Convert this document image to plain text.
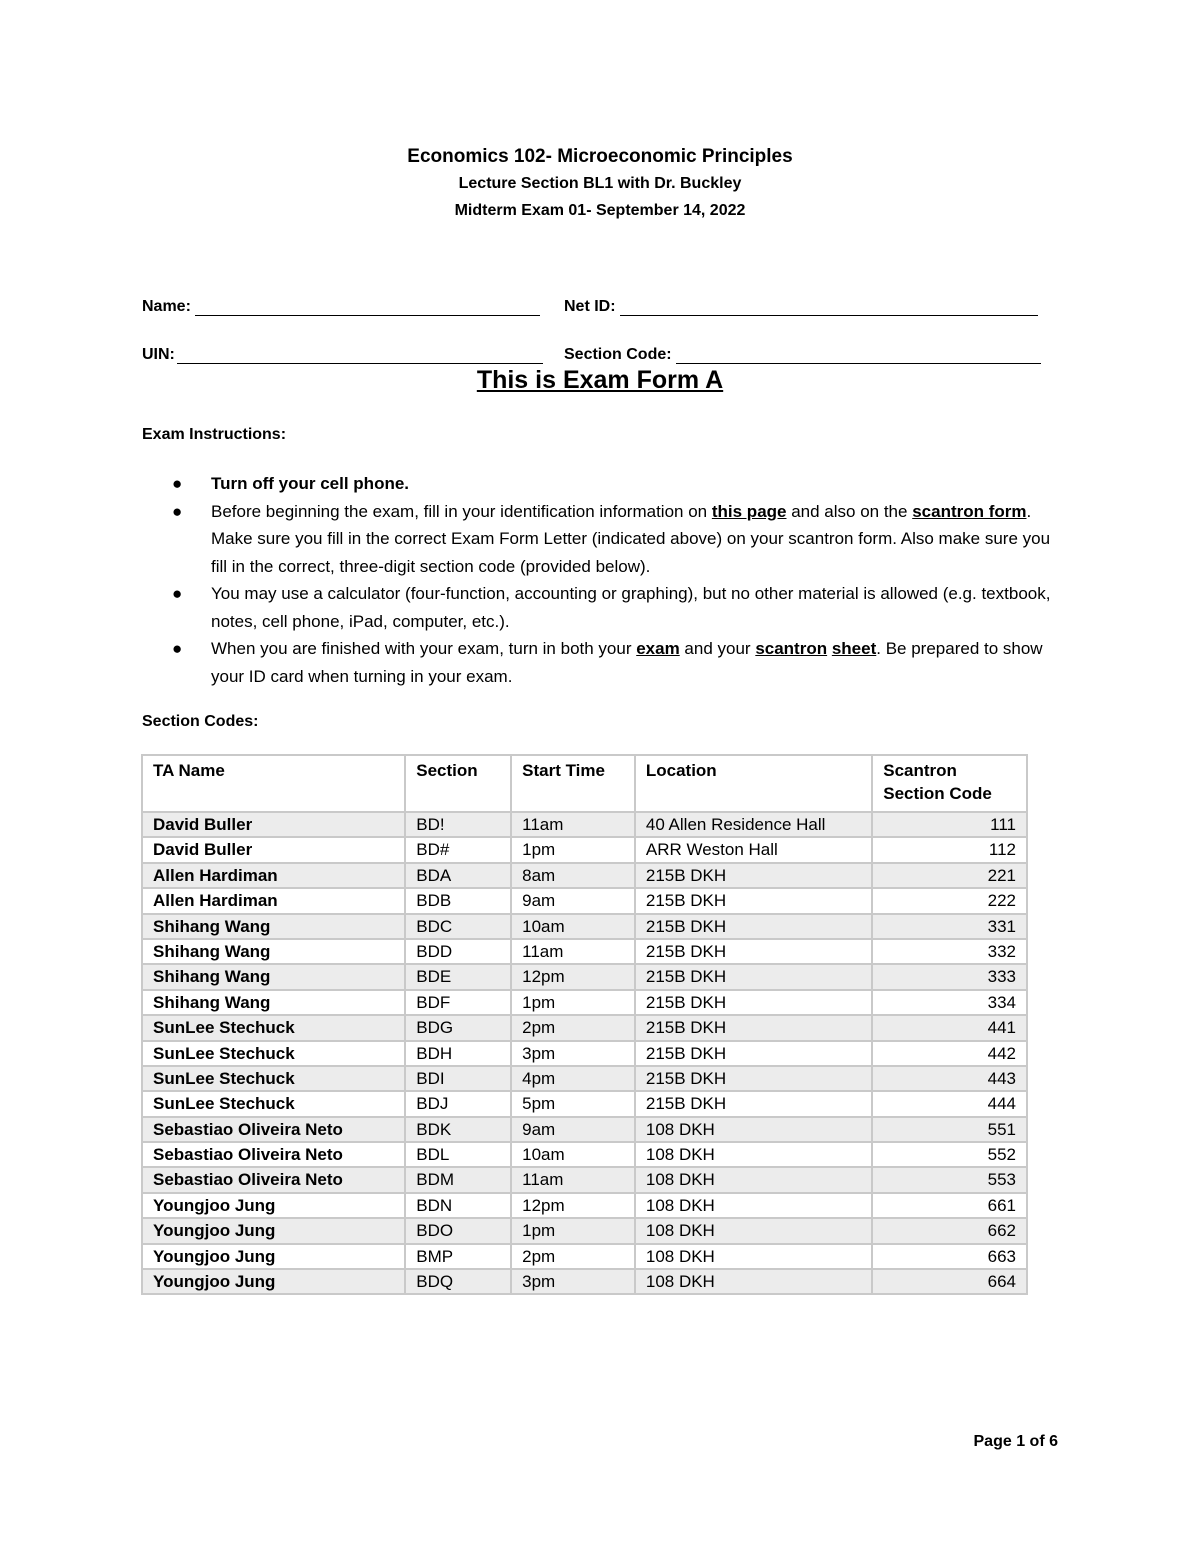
Economics 102- Microeconomic Principles
Lecture Section BL1 with Dr. Buckley
Midterm Exam 01- September 14, 2022
Name:	Net ID:
UIN:	Section Code:
This is Exam Form A
Exam Instructions:
● Turn off your cell phone.
● Before beginning the exam, fill in your identification information on this page and also on the scantron form. Make sure you fill in the correct Exam Form Letter (indicated above) on your scantron form. Also make sure you fill in the correct, three-digit section code (provided below).
● You may use a calculator (four-function, accounting or graphing), but no other material is allowed (e.g. textbook, notes, cell phone, iPad, computer, etc.).
● When you are finished with your exam, turn in both your exam and your scantron sheet. Be prepared to show your ID card when turning in your exam.
Section Codes:
TA Name	Section	Start Time	Location	Scantron Section Code
David Buller	BD!	11am	40 Allen Residence Hall	111
David Buller	BD#	1pm	ARR Weston Hall	112
Allen Hardiman	BDA	8am	215B DKH	221
Allen Hardiman	BDB	9am	215B DKH	222
Shihang Wang	BDC	10am	215B DKH	331
Shihang Wang	BDD	11am	215B DKH	332
Shihang Wang	BDE	12pm	215B DKH	333
Shihang Wang	BDF	1pm	215B DKH	334
SunLee Stechuck	BDG	2pm	215B DKH	441
SunLee Stechuck	BDH	3pm	215B DKH	442
SunLee Stechuck	BDI	4pm	215B DKH	443
SunLee Stechuck	BDJ	5pm	215B DKH	444
Sebastiao Oliveira Neto	BDK	9am	108 DKH	551
Sebastiao Oliveira Neto	BDL	10am	108 DKH	552
Sebastiao Oliveira Neto	BDM	11am	108 DKH	553
Youngjoo Jung	BDN	12pm	108 DKH	661
Youngjoo Jung	BDO	1pm	108 DKH	662
Youngjoo Jung	BMP	2pm	108 DKH	663
Youngjoo Jung	BDQ	3pm	108 DKH	664
Page 1 of 6
